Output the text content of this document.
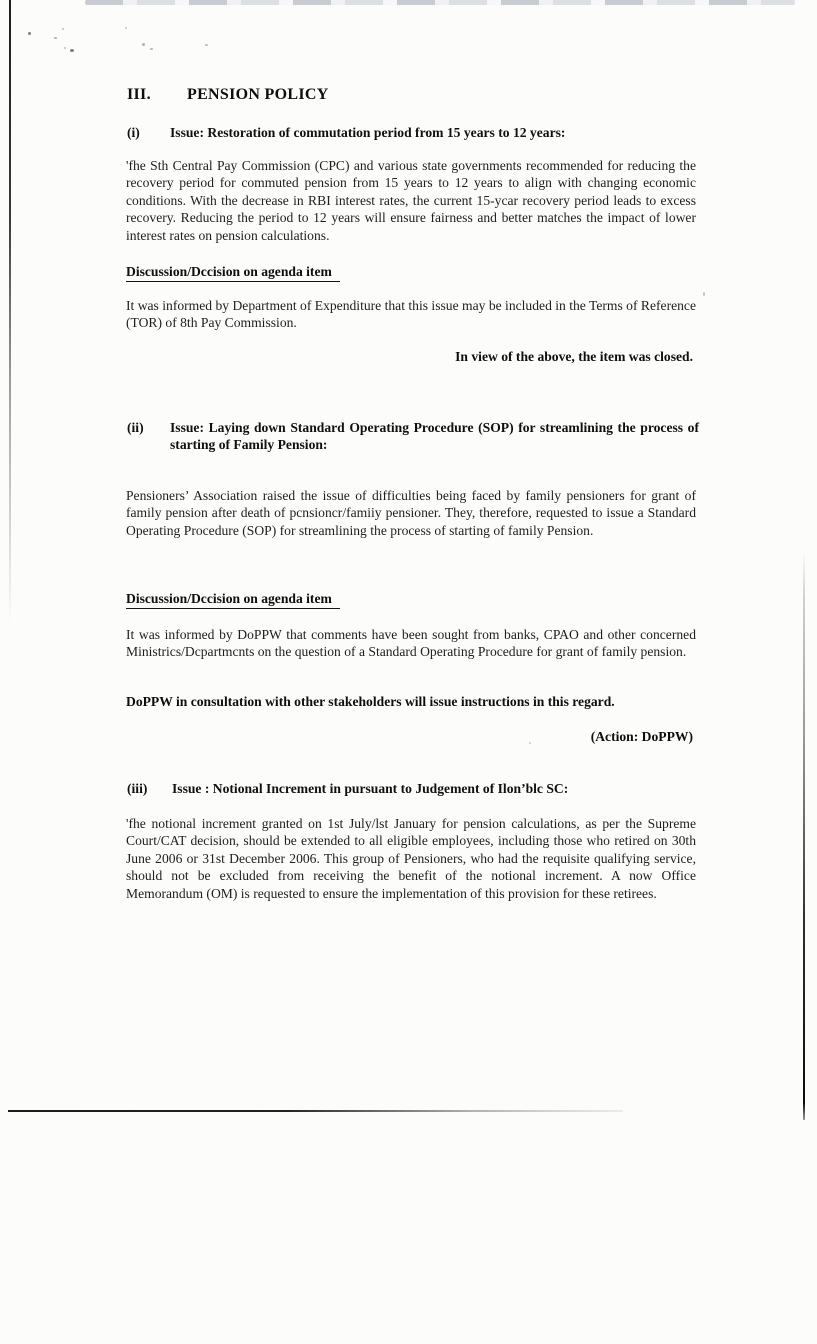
III.	PENSION POLICY
(i)	Issue: Restoration of commutation period from 15 years to 12 years:
'fhe Sth Central Pay Commission (CPC) and various state governments recommended for reducing the recovery period for commuted pension from 15 years to 12 years to align with changing economic conditions. With the decrease in RBI interest rates, the current 15-ycar recovery period leads to excess recovery. Reducing the period to 12 years will ensure fairness and better matches the impact of lower interest rates on pension calculations.
Discussion/Dccision on agenda item
It was informed by Department of Expenditure that this issue may be included in the Terms of Reference (TOR) of 8th Pay Commission.
In view of the above, the item was closed.
(ii)	Issue: Laying down Standard Operating Procedure (SOP) for streamlining the process of starting of Family Pension:
Pensioners’ Association raised the issue of difficulties being faced by family pensioners for grant of family pension after death of pcnsioncr/famiiy pensioner. They, therefore, requested to issue a Standard Operating Procedure (SOP) for streamlining the process of starting of family Pension.
Discussion/Dccision on agenda item
It was informed by DoPPW that comments have been sought from banks, CPAO and other concerned Ministrics/Dcpartmcnts on the question of a Standard Operating Procedure for grant of family pension.
DoPPW in consultation with other stakeholders will issue instructions in this regard.
(Action: DoPPW)
(iii)	Issue : Notional Increment in pursuant to Judgement of Ilon’blc SC:
'fhe notional increment granted on 1st July/lst January for pension calculations, as per the Supreme Court/CAT decision, should be extended to all eligible employees, including those who retired on 30th June 2006 or 31st December 2006. This group of Pensioners, who had the requisite qualifying service, should not be excluded from receiving the benefit of the notional increment. A now Office Memorandum (OM) is requested to ensure the implementation of this provision for these retirees.
